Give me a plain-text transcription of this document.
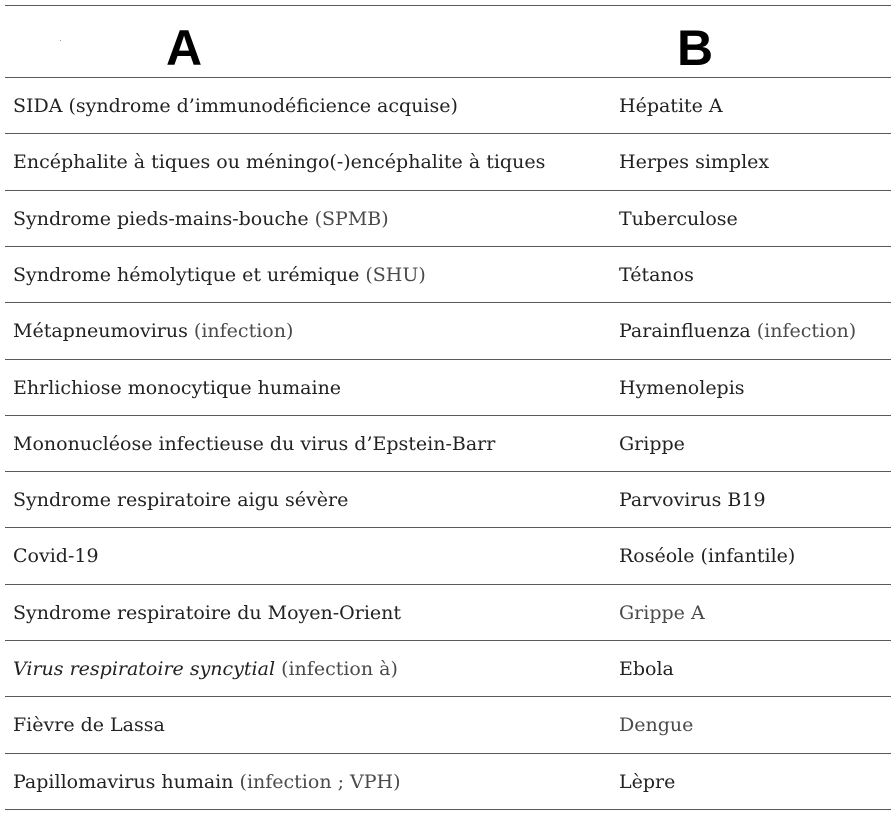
A	B
SIDA (syndrome d’immunodéficience acquise)	Hépatite A
Encéphalite à tiques ou méningo(-)encéphalite à tiques	Herpes simplex
Syndrome pieds-mains-bouche (SPMB)	Tuberculose
Syndrome hémolytique et urémique (SHU)	Tétanos
Métapneumovirus (infection)	Parainfluenza (infection)
Ehrlichiose monocytique humaine	Hymenolepis
Mononucléose infectieuse du virus d’Epstein-Barr	Grippe
Syndrome respiratoire aigu sévère	Parvovirus B19
Covid-19	Roséole (infantile)
Syndrome respiratoire du Moyen-Orient	Grippe A
Virus respiratoire syncytial (infection à)	Ebola
Fièvre de Lassa	Dengue
Papillomavirus humain (infection ; VPH)	Lèpre
